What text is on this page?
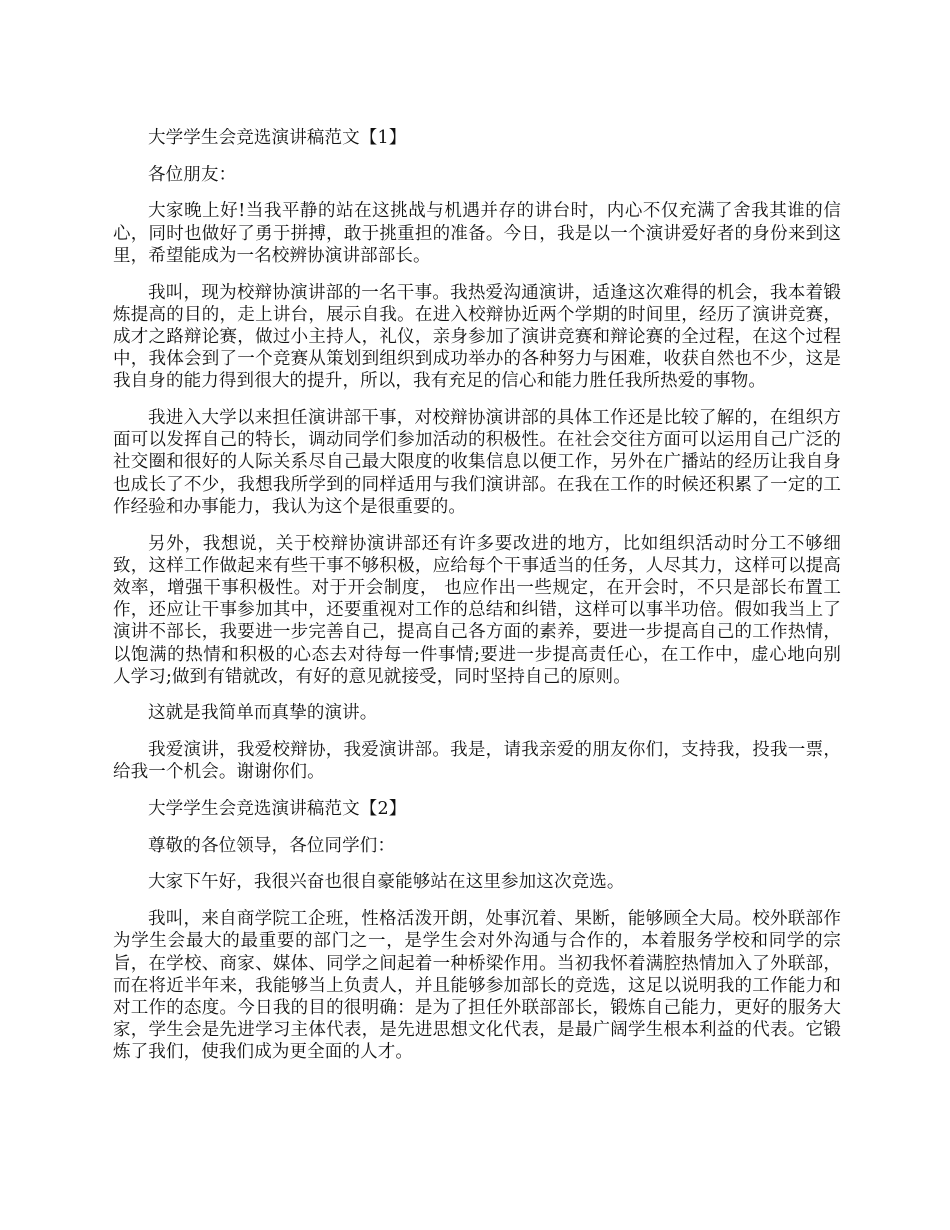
大学学生会竞选演讲稿范文【1】

各位朋友：

大家晚上好!当我平静的站在这挑战与机遇并存的讲台时，内心不仅充满了舍我其谁的信心，同时也做好了勇于拼搏，敢于挑重担的准备。今日，我是以一个演讲爱好者的身份来到这里，希望能成为一名校辨协演讲部部长。

我叫，现为校辩协演讲部的一名干事。我热爱沟通演讲，适逢这次难得的机会，我本着锻炼提高的目的，走上讲台，展示自我。在进入校辩协近两个学期的时间里，经历了演讲竞赛，成才之路辩论赛，做过小主持人，礼仪，亲身参加了演讲竞赛和辩论赛的全过程，在这个过程中，我体会到了一个竞赛从策划到组织到成功举办的各种努力与困难，收获自然也不少，这是我自身的能力得到很大的提升，所以，我有充足的信心和能力胜任我所热爱的事物。

我进入大学以来担任演讲部干事，对校辩协演讲部的具体工作还是比较了解的，在组织方面可以发挥自己的特长，调动同学们参加活动的积极性。在社会交往方面可以运用自己广泛的社交圈和很好的人际关系尽自己最大限度的收集信息以便工作，另外在广播站的经历让我自身也成长了不少，我想我所学到的同样适用与我们演讲部。在我在工作的时候还积累了一定的工作经验和办事能力，我认为这个是很重要的。

另外，我想说，关于校辩协演讲部还有许多要改进的地方，比如组织活动时分工不够细致，这样工作做起来有些干事不够积极，应给每个干事适当的任务，人尽其力，这样可以提高效率，增强干事积极性。对于开会制度， 也应作出一些规定，在开会时，不只是部长布置工作，还应让干事参加其中，还要重视对工作的总结和纠错，这样可以事半功倍。假如我当上了演讲不部长，我要进一步完善自己，提高自己各方面的素养，要进一步提高自己的工作热情，以饱满的热情和积极的心态去对待每一件事情;要进一步提高责任心，在工作中，虚心地向别人学习;做到有错就改，有好的意见就接受，同时坚持自己的原则。

这就是我简单而真挚的演讲。

我爱演讲，我爱校辩协，我爱演讲部。我是，请我亲爱的朋友你们，支持我，投我一票，给我一个机会。谢谢你们。

大学学生会竞选演讲稿范文【2】

尊敬的各位领导，各位同学们：

大家下午好，我很兴奋也很自豪能够站在这里参加这次竞选。

我叫，来自商学院工企班，性格活泼开朗，处事沉着、果断，能够顾全大局。校外联部作为学生会最大的最重要的部门之一，是学生会对外沟通与合作的，本着服务学校和同学的宗旨，在学校、商家、媒体、同学之间起着一种桥梁作用。当初我怀着满腔热情加入了外联部，而在将近半年来，我能够当上负责人，并且能够参加部长的竞选，这足以说明我的工作能力和对工作的态度。今日我的目的很明确：是为了担任外联部部长，锻炼自己能力，更好的服务大家，学生会是先进学习主体代表，是先进思想文化代表，是最广阔学生根本利益的代表。它锻炼了我们，使我们成为更全面的人才。
